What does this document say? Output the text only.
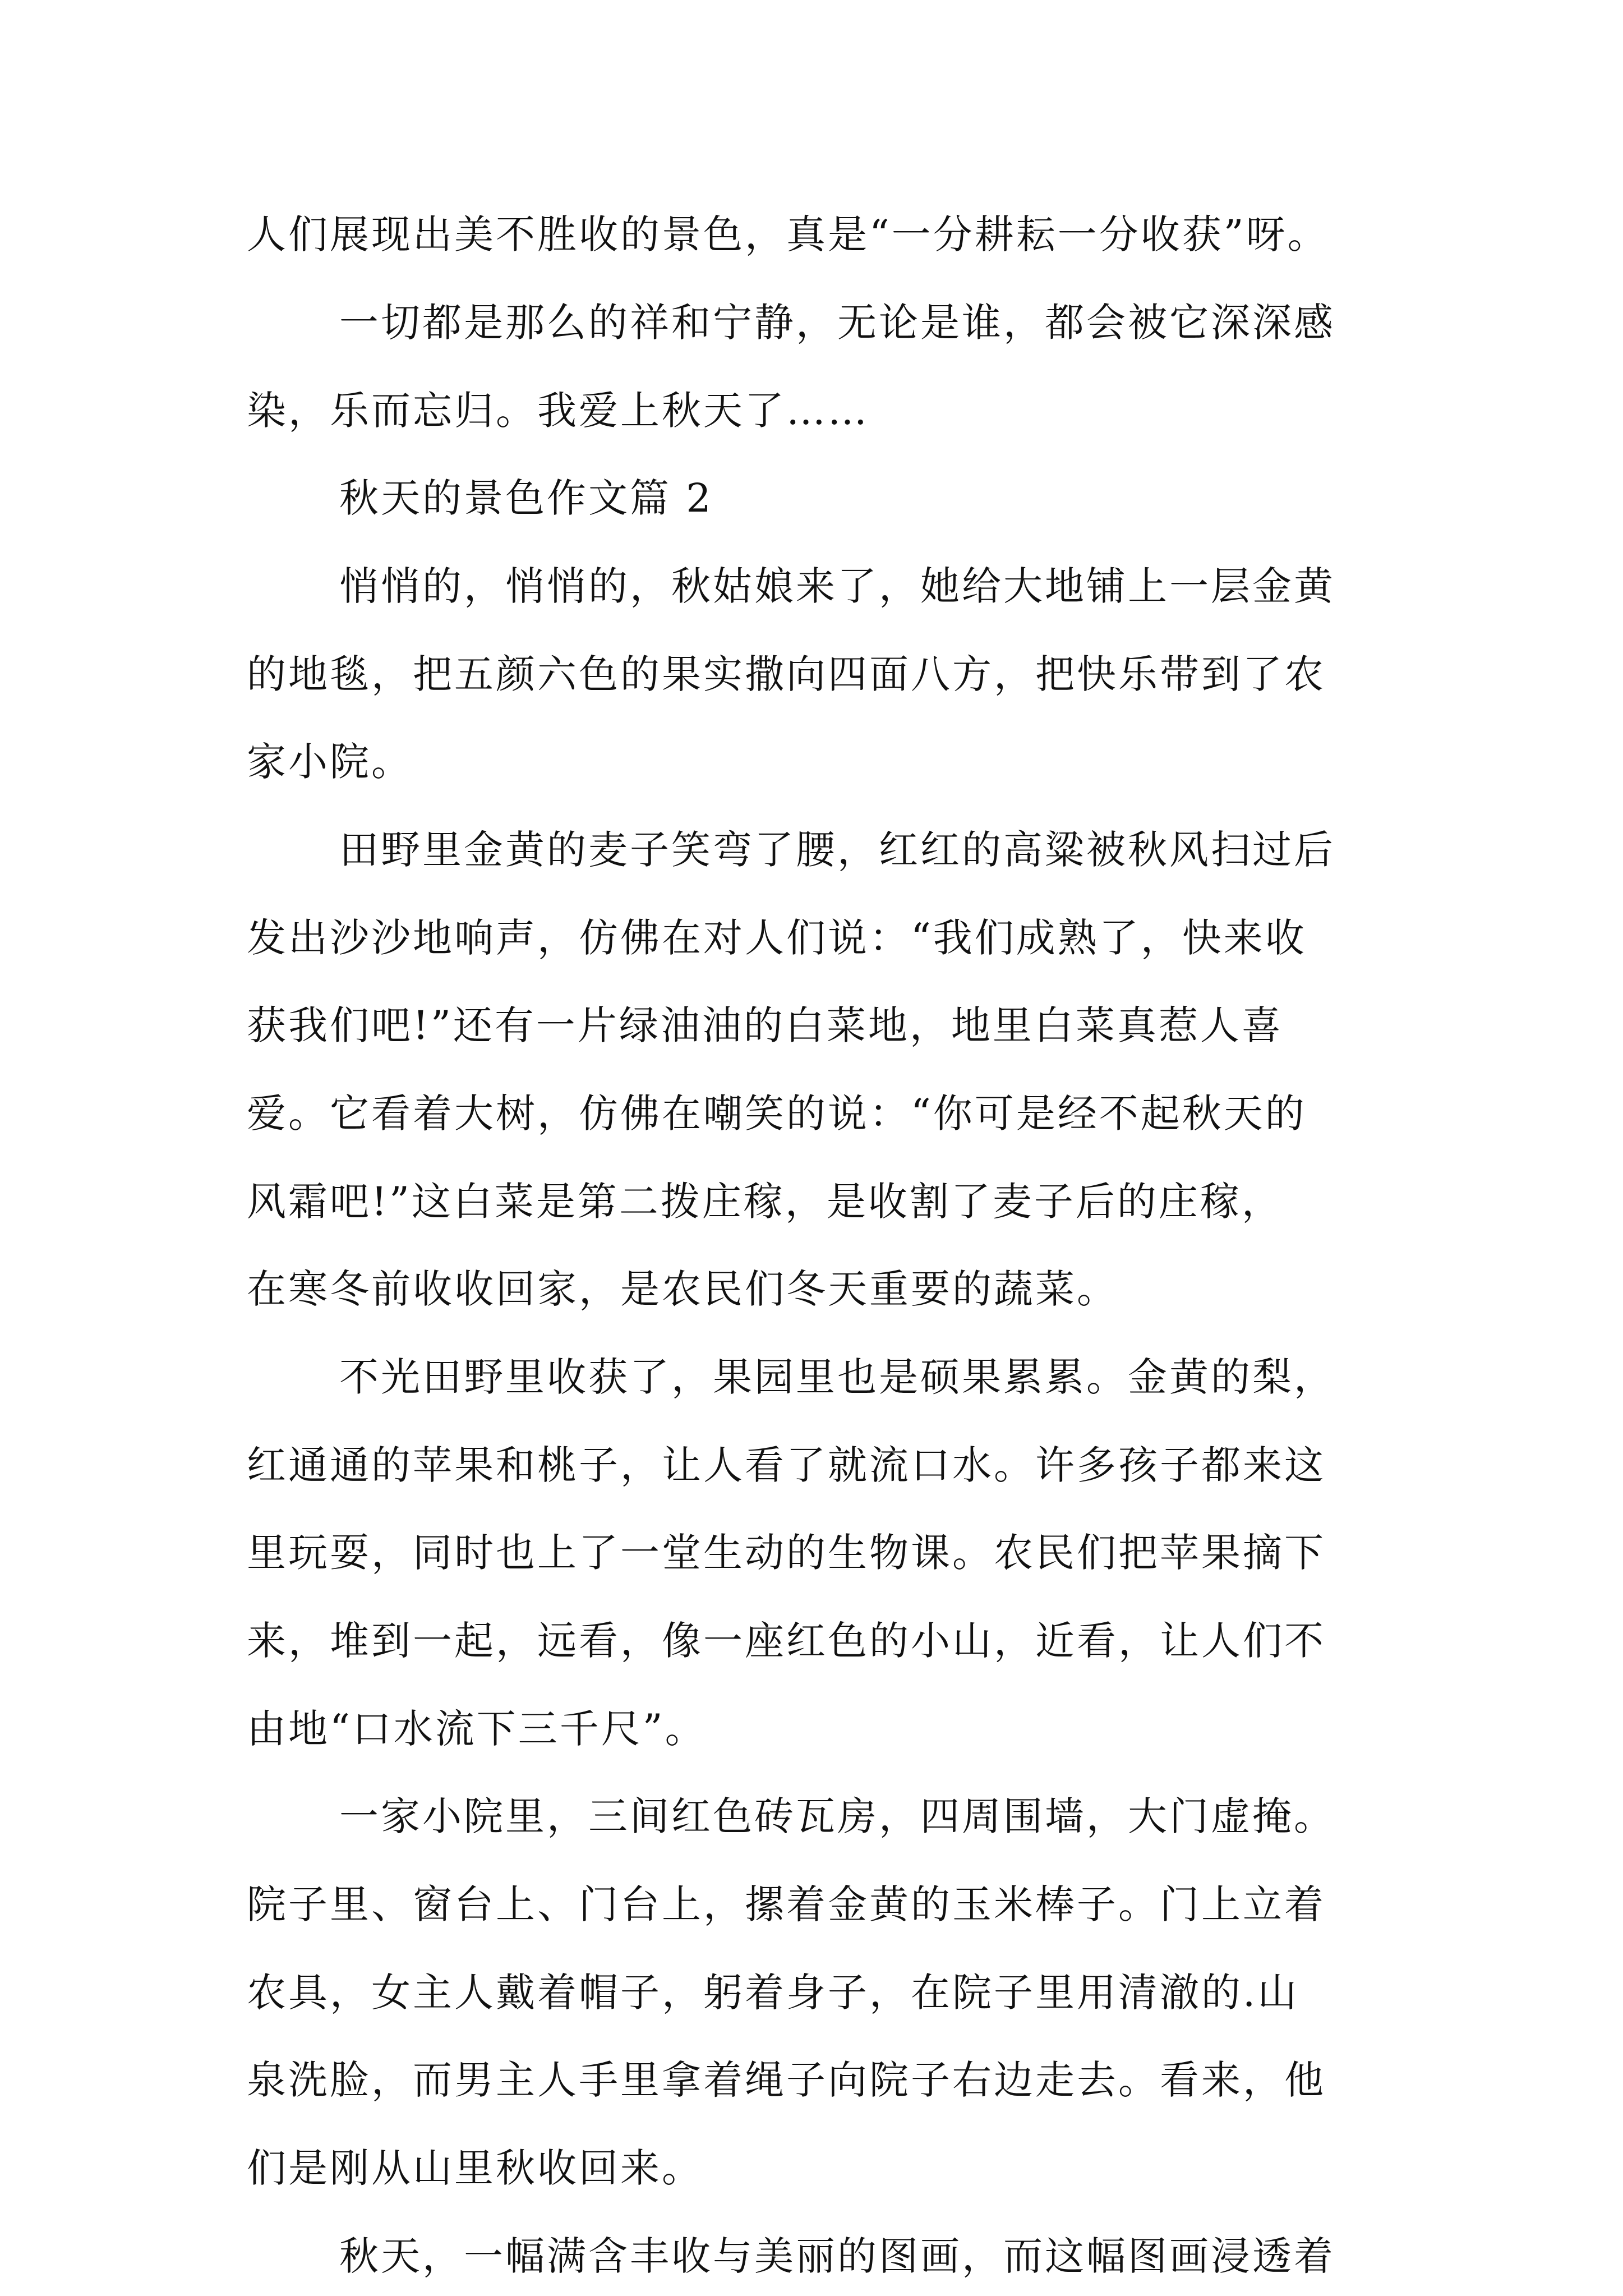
人们展现出美不胜收的景色，真是“一分耕耘一分收获”呀。
一切都是那么的祥和宁静，无论是谁，都会被它深深感
染，乐而忘归。我爱上秋天了……
秋天的景色作文篇 2
悄悄的，悄悄的，秋姑娘来了，她给大地铺上一层金黄
的地毯，把五颜六色的果实撒向四面八方，把快乐带到了农
家小院。
田野里金黄的麦子笑弯了腰，红红的高粱被秋风扫过后
发出沙沙地响声，仿佛在对人们说：“我们成熟了，快来收
获我们吧!”还有一片绿油油的白菜地，地里白菜真惹人喜
爱。它看着大树，仿佛在嘲笑的说：“你可是经不起秋天的
风霜吧!”这白菜是第二拨庄稼，是收割了麦子后的庄稼，
在寒冬前收收回家，是农民们冬天重要的蔬菜。
不光田野里收获了，果园里也是硕果累累。金黄的梨，
红通通的苹果和桃子，让人看了就流口水。许多孩子都来这
里玩耍，同时也上了一堂生动的生物课。农民们把苹果摘下
来，堆到一起，远看，像一座红色的小山，近看，让人们不
由地“口水流下三千尺”。
一家小院里，三间红色砖瓦房，四周围墙，大门虚掩。
院子里、窗台上、门台上，摞着金黄的玉米棒子。门上立着
农具，女主人戴着帽子，躬着身子，在院子里用清澈的.山
泉洗脸，而男主人手里拿着绳子向院子右边走去。看来，他
们是刚从山里秋收回来。
秋天，一幅满含丰收与美丽的图画，而这幅图画浸透着
